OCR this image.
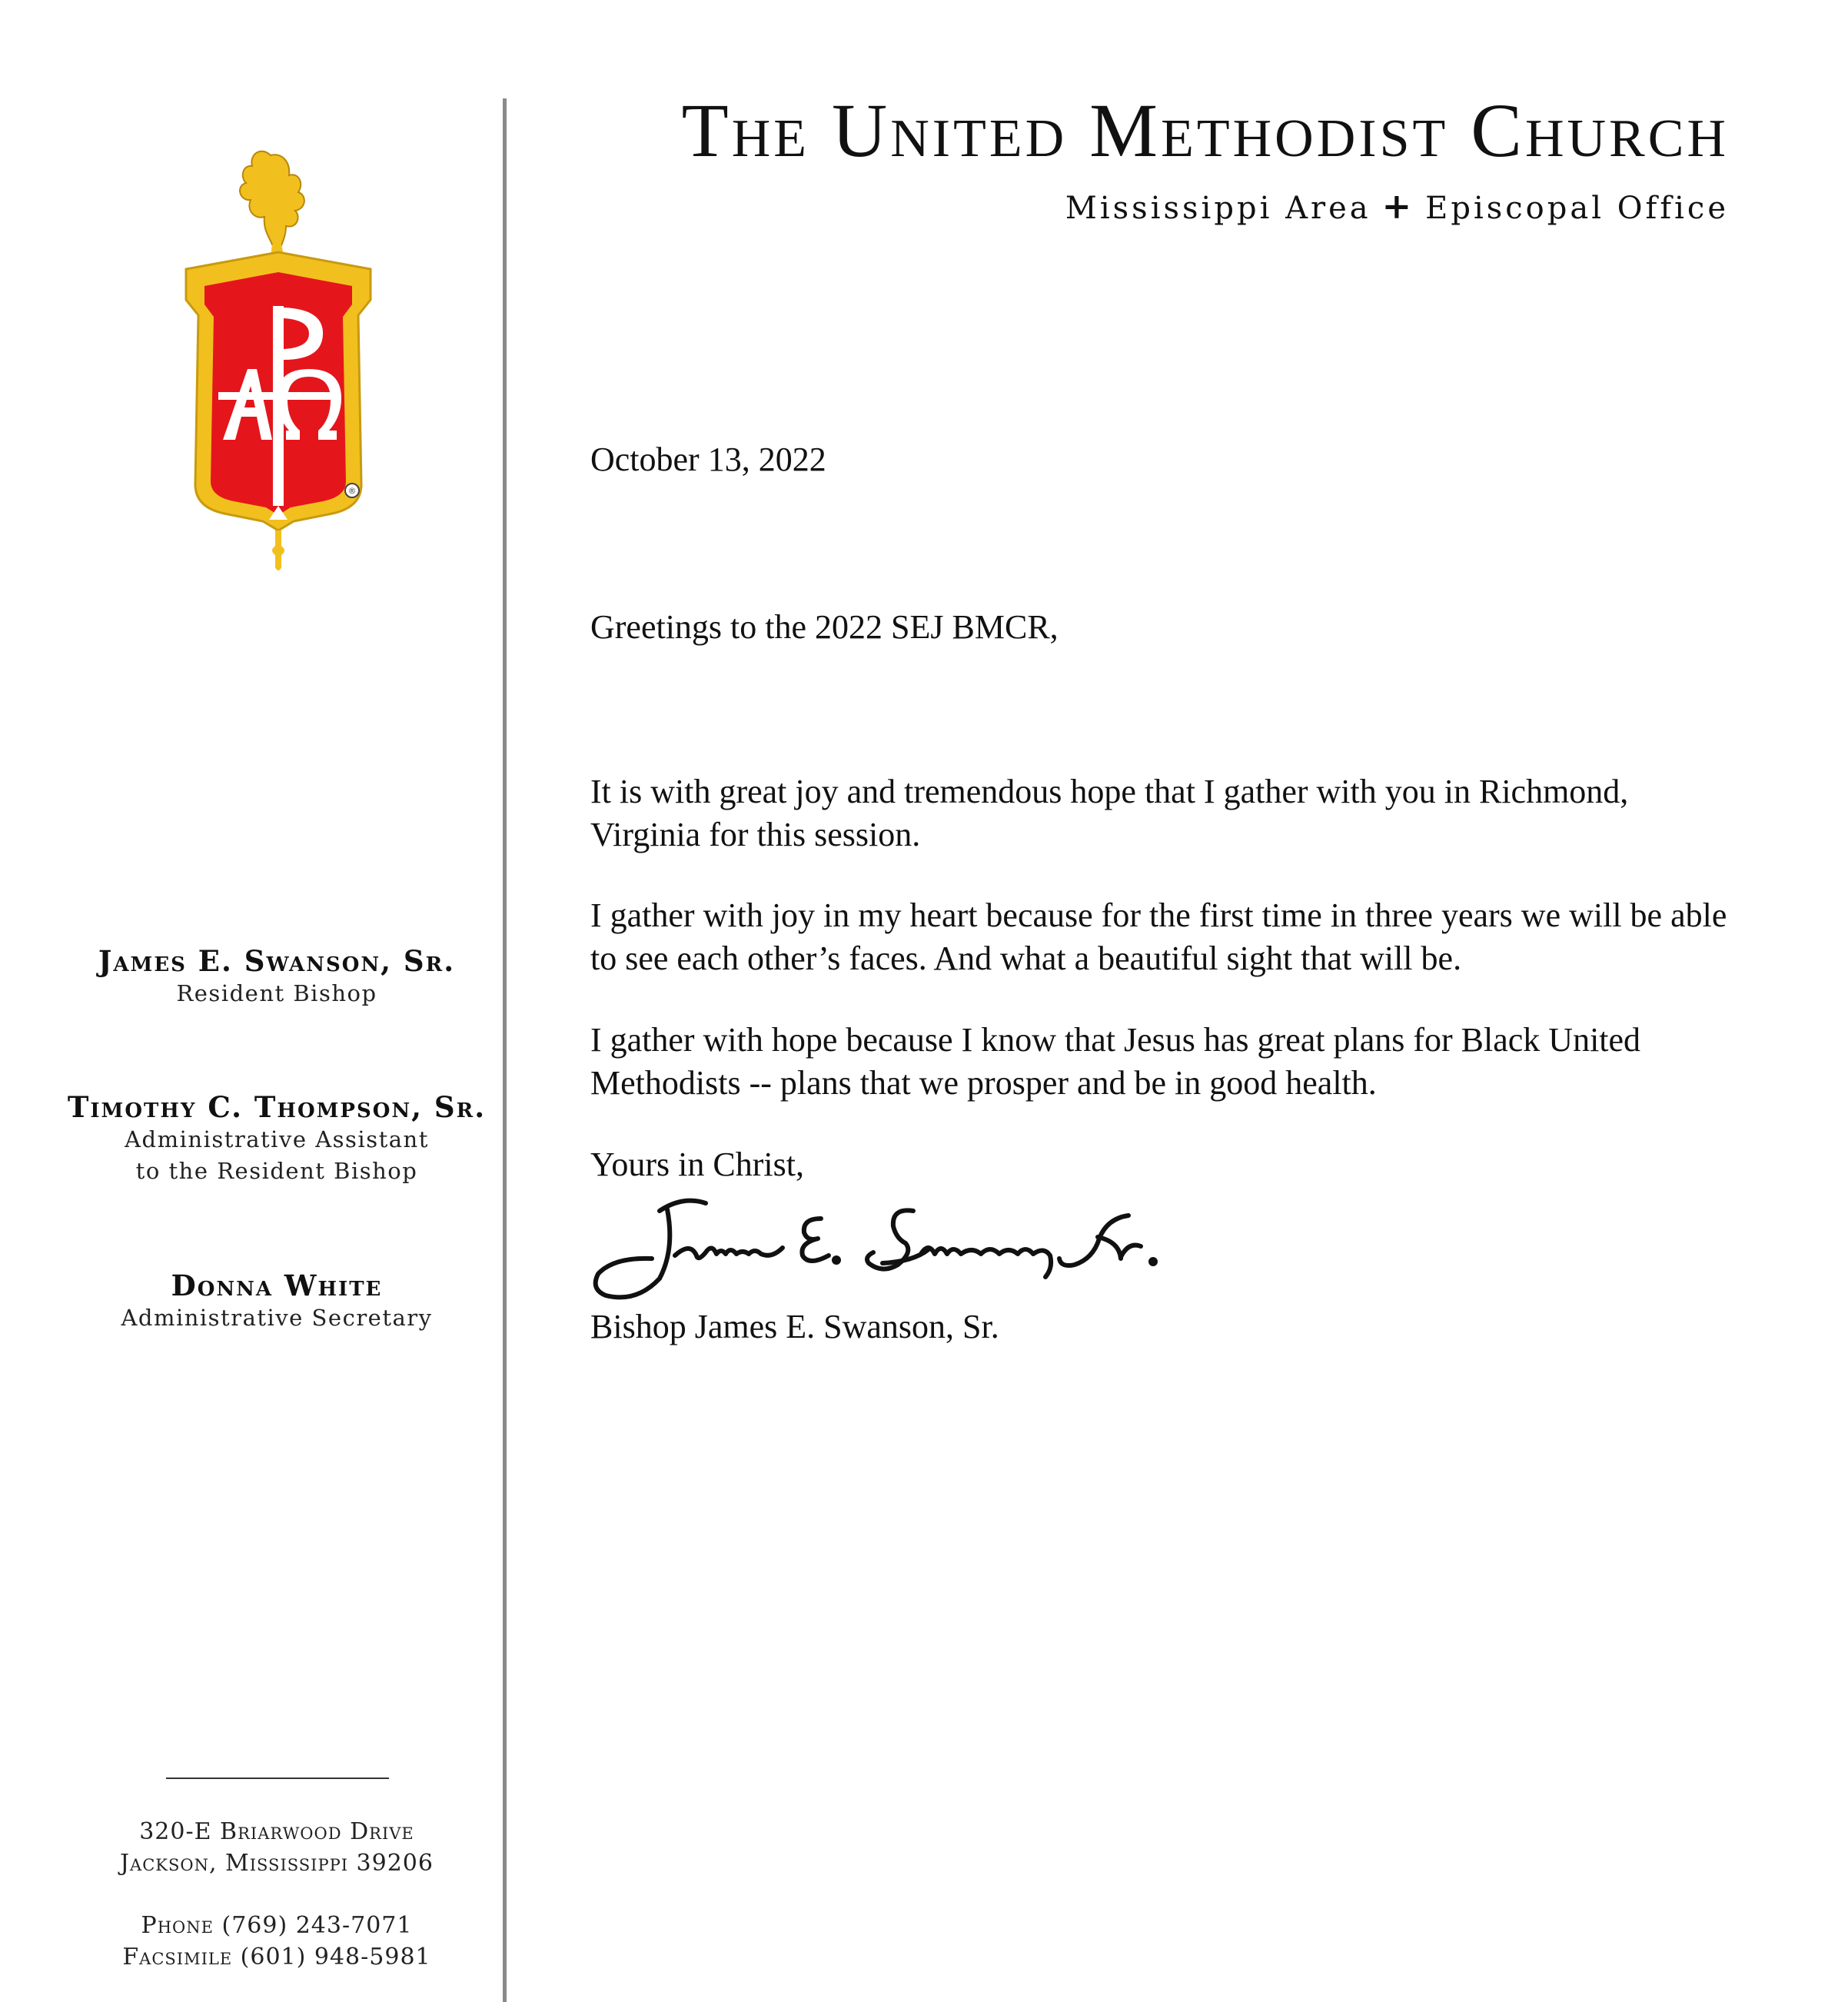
®
James E. Swanson, Sr.
Resident Bishop
Timothy C. Thompson, Sr.
Administrative Assistant
to the Resident Bishop
Donna White
Administrative Secretary
320-E Briarwood Drive
Jackson, Mississippi 39206
Phone (769) 243-7071
Facsimile (601) 948-5981
The United Methodist Church
Mississippi Area + Episcopal Office
October 13, 2022
Greetings to the 2022 SEJ BMCR,
It is with great joy and tremendous hope that I gather with you in Richmond, Virginia for this session.
I gather with joy in my heart because for the first time in three years we will be able to see each other’s faces. And what a beautiful sight that will be.
I gather with hope because I know that Jesus has great plans for Black United Methodists -- plans that we prosper and be in good health.
Yours in Christ,
Bishop James E. Swanson, Sr.
